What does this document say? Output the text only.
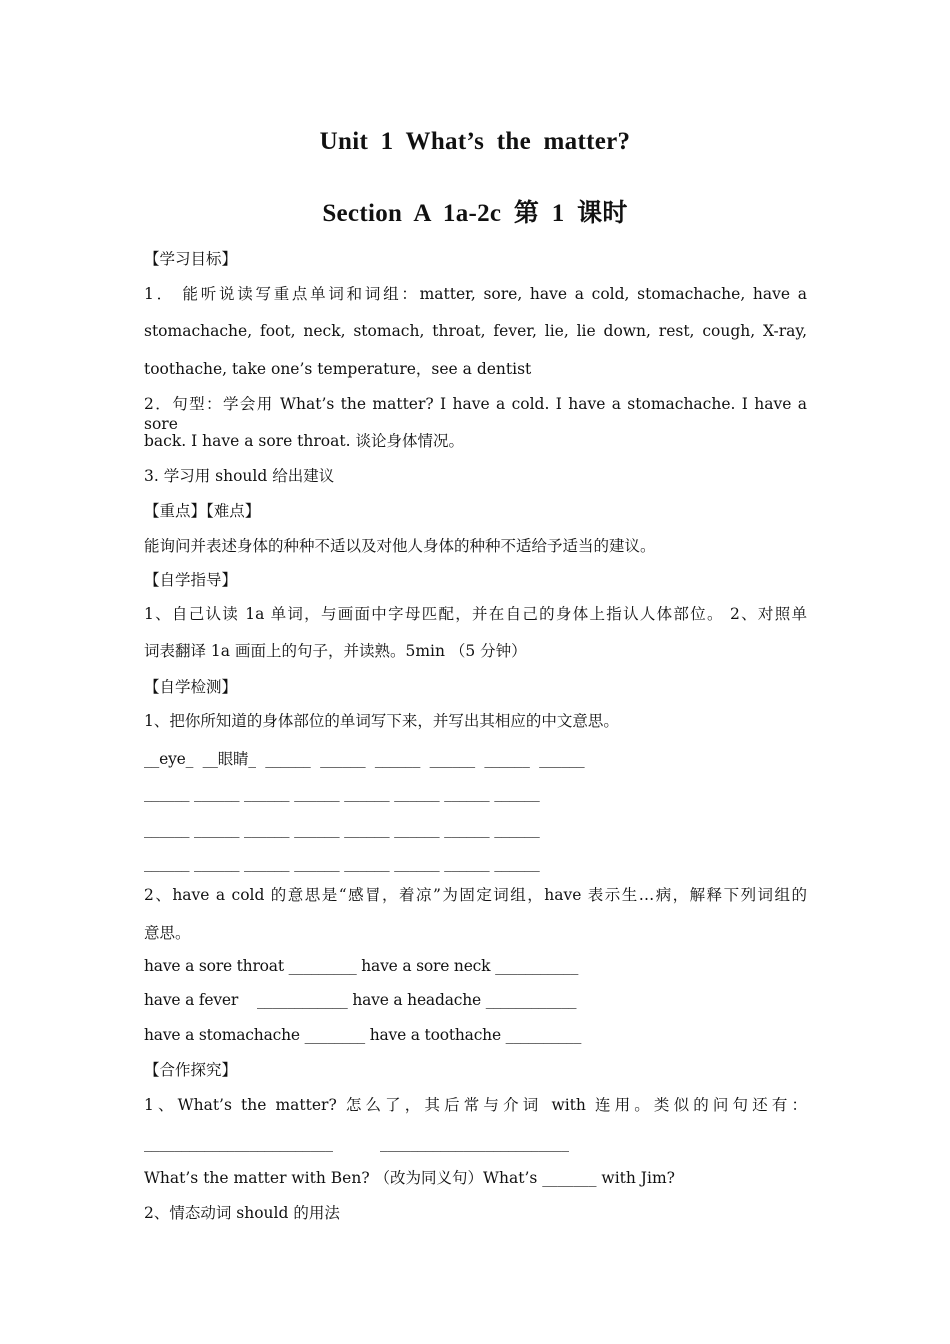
Unit 1 What’s the matter?
Section A 1a-2c 第 1 课时
【学习目标】
1． 能听说读写重点单词和词组：matter, sore, have a cold, stomachache, have a
stomachache, foot, neck, stomach, throat, fever, lie, lie down, rest, cough, X-ray,
toothache, take one’s temperature，see a dentist
2．句型：学会用 What’s the matter? I have a cold. I have a stomachache. I have a sore
back. I have a sore throat. 谈论身体情况。
3. 学习用 should 给出建议
【重点】【难点】
能询问并表述身体的种种不适以及对他人身体的种种不适给予适当的建议。
【自学指导】
1、自己认读 1a 单词，与画面中字母匹配，并在自己的身体上指认人体部位。 2、对照单
词表翻译 1a 画面上的句子，并读熟。5min （5 分钟）
【自学检测】
1、把你所知道的身体部位的单词写下来，并写出其相应的中文意思。
__eye_  __眼睛_  ______  ______  ______  ______  ______  ______
______ ______ ______ ______ ______ ______ ______ ______
______ ______ ______ ______ ______ ______ ______ ______
______ ______ ______ ______ ______ ______ ______ ______
2、have a cold 的意思是“感冒，着凉”为固定词组，have 表示生…病，解释下列词组的
意思。
have a sore throat _________ have a sore neck ___________
have a fever    ____________ have a headache ____________
have a stomachache ________ have a toothache __________
【合作探究】
1、What’s the matter? 怎么了，其后常与介词 with 连用。类似的问句还有：
_________________________          _________________________
What’s the matter with Ben? （改为同义句）What’s _______ with Jim?
2、情态动词 should 的用法
